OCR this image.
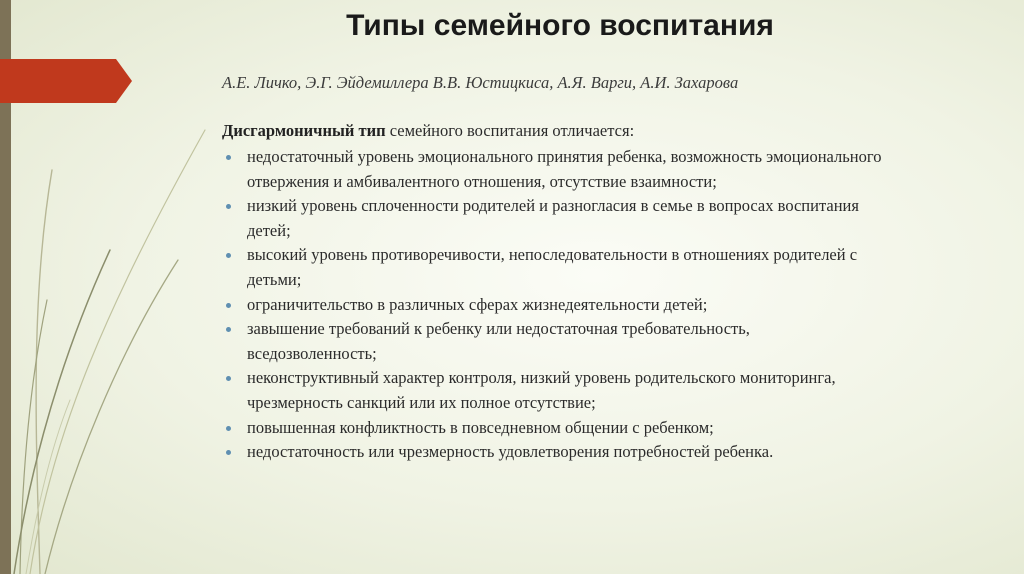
Типы семейного воспитания
А.Е. Личко, Э.Г. Эйдемиллера В.В. Юстицкиса, А.Я. Варги, А.И. Захарова
Дисгармоничный тип семейного воспитания отличается:
недостаточный уровень эмоционального принятия ребенка, возможность эмоционального отвержения и амбивалентного отношения, отсутствие взаимности;
низкий уровень сплоченности родителей и разногласия в семье в вопросах воспитания детей;
высокий уровень противоречивости, непоследовательности в отношениях родителей с детьми;
ограничительство в различных сферах жизнедеятельности детей;
завышение требований к ребенку или недостаточная требовательность, вседозволенность;
неконструктивный характер контроля, низкий уровень родительского мониторинга, чрезмерность санкций или их полное отсутствие;
повышенная конфликтность в повседневном общении с ребенком;
недостаточность или чрезмерность удовлетворения потребностей ребенка.
